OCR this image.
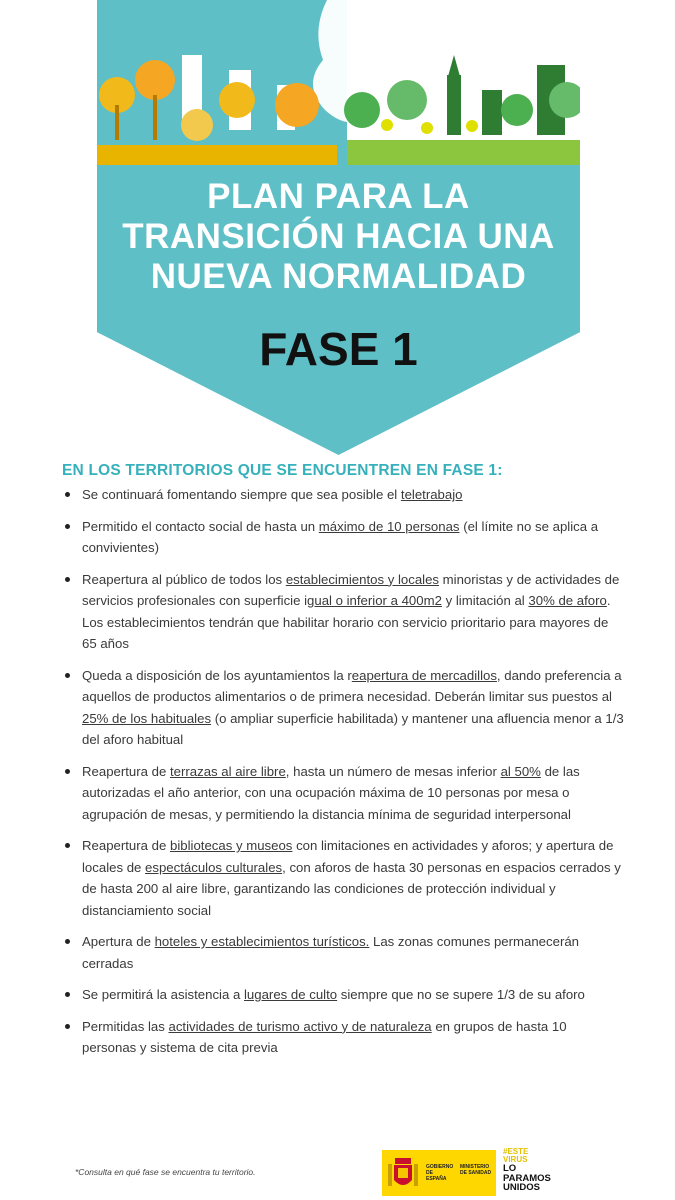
PLAN PARA LA
TRANSICIÓN HACIA UNA
NUEVA NORMALIDAD
FASE 1
EN LOS TERRITORIOS QUE SE ENCUENTREN EN FASE 1:
Se continuará fomentando siempre que sea posible el teletrabajo
Permitido el contacto social de hasta un máximo de 10 personas (el límite no se aplica a convivientes)
Reapertura al público de todos los establecimientos y locales minoristas y de actividades de servicios profesionales con superficie igual o inferior a 400m2 y limitación al 30% de aforo. Los establecimientos tendrán que habilitar horario con servicio prioritario para mayores de 65 años
Queda a disposición de los ayuntamientos la reapertura de mercadillos, dando preferencia a aquellos de productos alimentarios o de primera necesidad. Deberán limitar sus puestos al 25% de los habituales (o ampliar superficie habilitada) y mantener una afluencia menor a 1/3 del aforo habitual
Reapertura de terrazas al aire libre, hasta un número de mesas inferior al 50% de las autorizadas el año anterior, con una ocupación máxima de 10 personas por mesa o agrupación de mesas, y permitiendo la distancia mínima de seguridad interpersonal
Reapertura de bibliotecas y museos con limitaciones en actividades y aforos; y apertura de locales de espectáculos culturales, con aforos de hasta 30 personas en espacios cerrados y de hasta 200 al aire libre, garantizando las condiciones de protección individual y distanciamiento social
Apertura de hoteles y establecimientos turísticos. Las zonas comunes permanecerán cerradas
Se permitirá la asistencia a lugares de culto siempre que no se supere 1/3 de su aforo
Permitidas las actividades de turismo activo y de naturaleza en grupos de hasta 10 personas y sistema de cita previa
*Consulta en qué fase se encuentra tu territorio.	GOBIERNO DE ESPAÑA
MINISTERIO DE SANIDAD
#ESTE
VIRUS
LO
PARAMOS
UNIDOS
